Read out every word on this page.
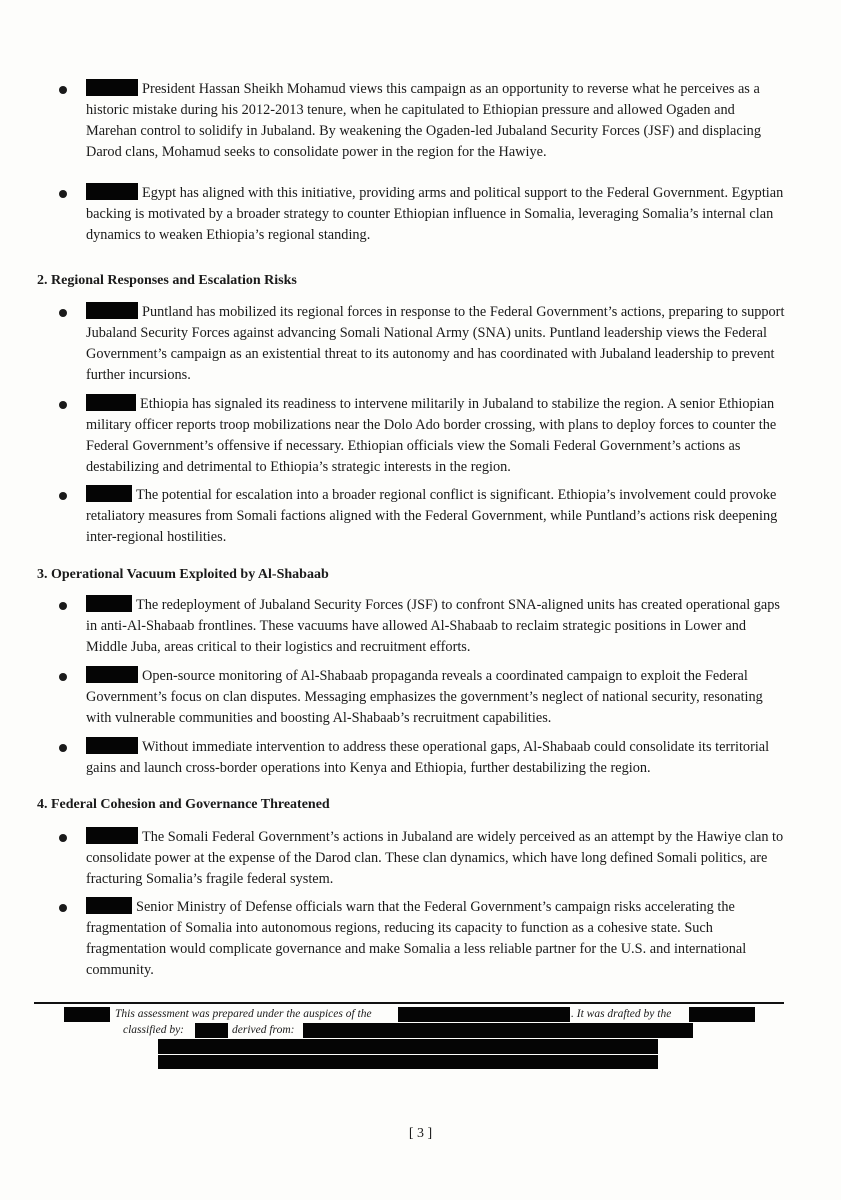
President Hassan Sheikh Mohamud views this campaign as an opportunity to reverse what he perceives as a historic mistake during his 2012-2013 tenure, when he capitulated to Ethiopian pressure and allowed Ogaden and Marehan control to solidify in Jubaland. By weakening the Ogaden-led Jubaland Security Forces (JSF) and displacing Darod clans, Mohamud seeks to consolidate power in the region for the Hawiye.
Egypt has aligned with this initiative, providing arms and political support to the Federal Government. Egyptian backing is motivated by a broader strategy to counter Ethiopian influence in Somalia, leveraging Somalia’s internal clan dynamics to weaken Ethiopia’s regional standing.
2. Regional Responses and Escalation Risks
Puntland has mobilized its regional forces in response to the Federal Government’s actions, preparing to support Jubaland Security Forces against advancing Somali National Army (SNA) units. Puntland leadership views the Federal Government’s campaign as an existential threat to its autonomy and has coordinated with Jubaland leadership to prevent further incursions.
Ethiopia has signaled its readiness to intervene militarily in Jubaland to stabilize the region. A senior Ethiopian military officer reports troop mobilizations near the Dolo Ado border crossing, with plans to deploy forces to counter the Federal Government’s offensive if necessary. Ethiopian officials view the Somali Federal Government’s actions as destabilizing and detrimental to Ethiopia’s strategic interests in the region.
The potential for escalation into a broader regional conflict is significant. Ethiopia’s involvement could provoke retaliatory measures from Somali factions aligned with the Federal Government, while Puntland’s actions risk deepening inter-regional hostilities.
3. Operational Vacuum Exploited by Al-Shabaab
The redeployment of Jubaland Security Forces (JSF) to confront SNA-aligned units has created operational gaps in anti-Al-Shabaab frontlines. These vacuums have allowed Al-Shabaab to reclaim strategic positions in Lower and Middle Juba, areas critical to their logistics and recruitment efforts.
Open-source monitoring of Al-Shabaab propaganda reveals a coordinated campaign to exploit the Federal Government’s focus on clan disputes. Messaging emphasizes the government’s neglect of national security, resonating with vulnerable communities and boosting Al-Shabaab’s recruitment capabilities.
Without immediate intervention to address these operational gaps, Al-Shabaab could consolidate its territorial gains and launch cross-border operations into Kenya and Ethiopia, further destabilizing the region.
4. Federal Cohesion and Governance Threatened
The Somali Federal Government’s actions in Jubaland are widely perceived as an attempt by the Hawiye clan to consolidate power at the expense of the Darod clan. These clan dynamics, which have long defined Somali politics, are fracturing Somalia’s fragile federal system.
Senior Ministry of Defense officials warn that the Federal Government’s campaign risks accelerating the fragmentation of Somalia into autonomous regions, reducing its capacity to function as a cohesive state. Such fragmentation would complicate governance and make Somalia a less reliable partner for the U.S. and international community.
This assessment was prepared under the auspices of the	. It was drafted by the
classified by:	derived from:
[ 3 ]
